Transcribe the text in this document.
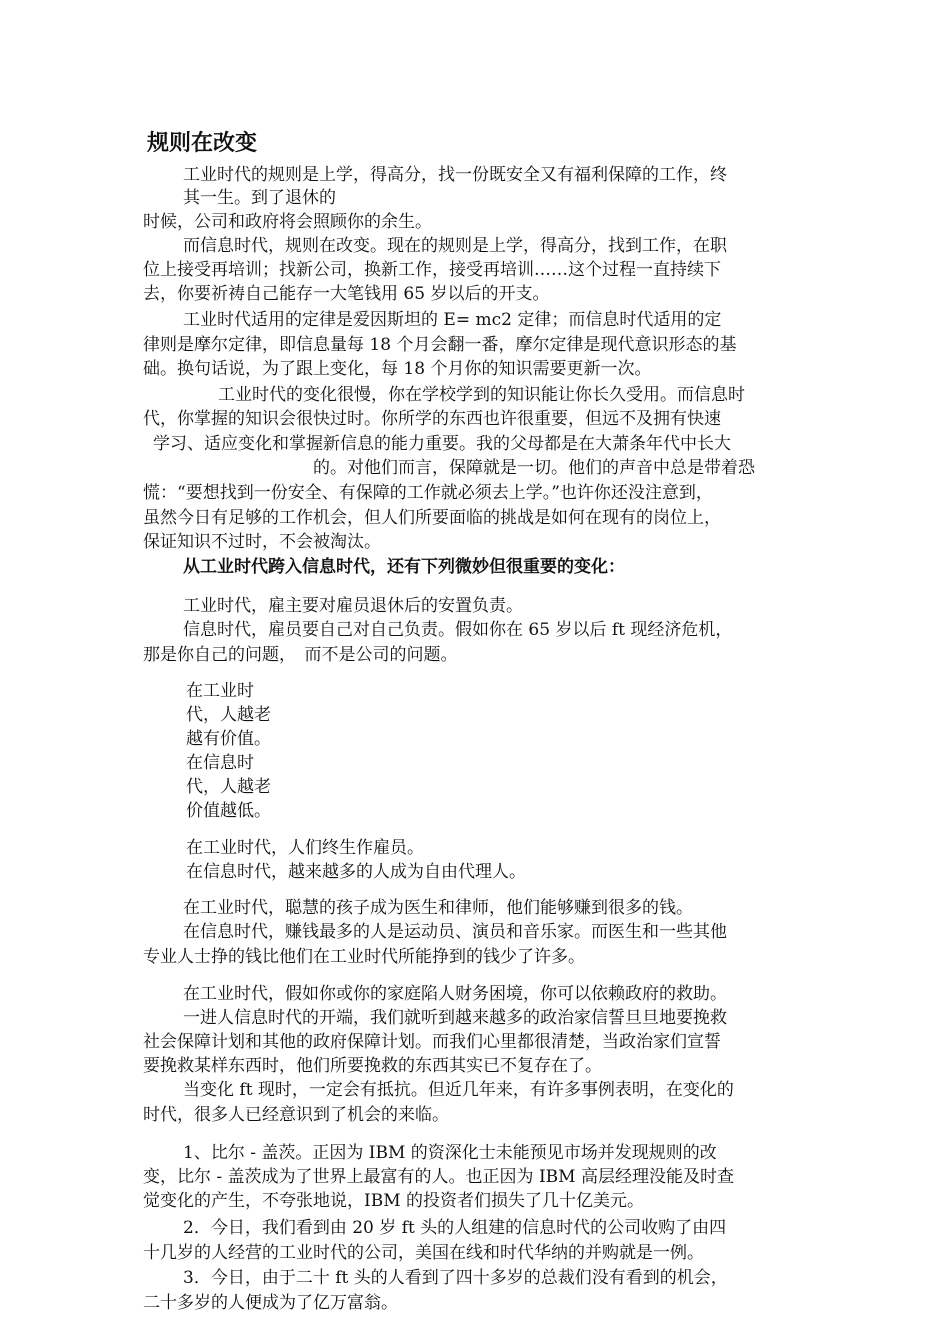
规则在改变

工业时代的规则是上学，得高分，找一份既安全又有福利保障的工作，终

其一生。到了退休的

时候，公司和政府将会照顾你的余生。

而信息时代，规则在改变。现在的规则是上学，得高分，找到工作，在职

位上接受再培训；找新公司，换新工作，接受再培训……这个过程一直持续下

去，你要祈祷自己能存一大笔钱用 65 岁以后的开支。

工业时代适用的定律是爱因斯坦的 E= mc2 定律；而信息时代适用的定

律则是摩尔定律，即信息量每 18 个月会翻一番，摩尔定律是现代意识形态的基

础。换句话说，为了跟上变化，每 18 个月你的知识需要更新一次。

工业时代的变化很慢，你在学校学到的知识能让你长久受用。而信息时

代，你掌握的知识会很快过时。你所学的东西也许很重要，但远不及拥有快速

学习、适应变化和掌握新信息的能力重要。我的父母都是在大萧条年代中长大

的。对他们而言，保障就是一切。他们的声音中总是带着恐

慌：“要想找到一份安全、有保障的工作就必须去上学。”也许你还没注意到，

虽然今日有足够的工作机会，但人们所要面临的挑战是如何在现有的岗位上，

保证知识不过时，不会被淘汰。

从工业时代跨入信息时代，还有下列微妙但很重要的变化：

工业时代，雇主要对雇员退休后的安置负责。

信息时代，雇员要自己对自己负责。假如你在 65 岁以后 ft 现经济危机，

那是你自己的问题，　而不是公司的问题。

在工业时

代，人越老

越有价值。

在信息时

代，人越老

价值越低。

在工业时代，人们终生作雇员。

在信息时代，越来越多的人成为自由代理人。

在工业时代，聪慧的孩子成为医生和律师，他们能够赚到很多的钱。

在信息时代，赚钱最多的人是运动员、演员和音乐家。而医生和一些其他

专业人士挣的钱比他们在工业时代所能挣到的钱少了许多。

在工业时代，假如你或你的家庭陷人财务困境，你可以依赖政府的救助。

一进人信息时代的开端，我们就听到越来越多的政治家信誓旦旦地要挽救

社会保障计划和其他的政府保障计划。而我们心里都很清楚，当政治家们宣誓

要挽救某样东西时，他们所要挽救的东西其实已不复存在了。

当变化 ft 现时，一定会有抵抗。但近几年来，有许多事例表明，在变化的

时代，很多人已经意识到了机会的来临。

1、比尔 - 盖茨。正因为 IBM 的资深化士未能预见市场并发现规则的改

变，比尔 - 盖茨成为了世界上最富有的人。也正因为 IBM 高层经理没能及时查

觉变化的产生，不夸张地说，IBM 的投资者们损失了几十亿美元。

2．今日，我们看到由 20 岁 ft 头的人组建的信息时代的公司收购了由四

十几岁的人经营的工业时代的公司，美国在线和时代华纳的并购就是一例。

3．今日，由于二十 ft 头的人看到了四十多岁的总裁们没有看到的机会，

二十多岁的人便成为了亿万富翁。
